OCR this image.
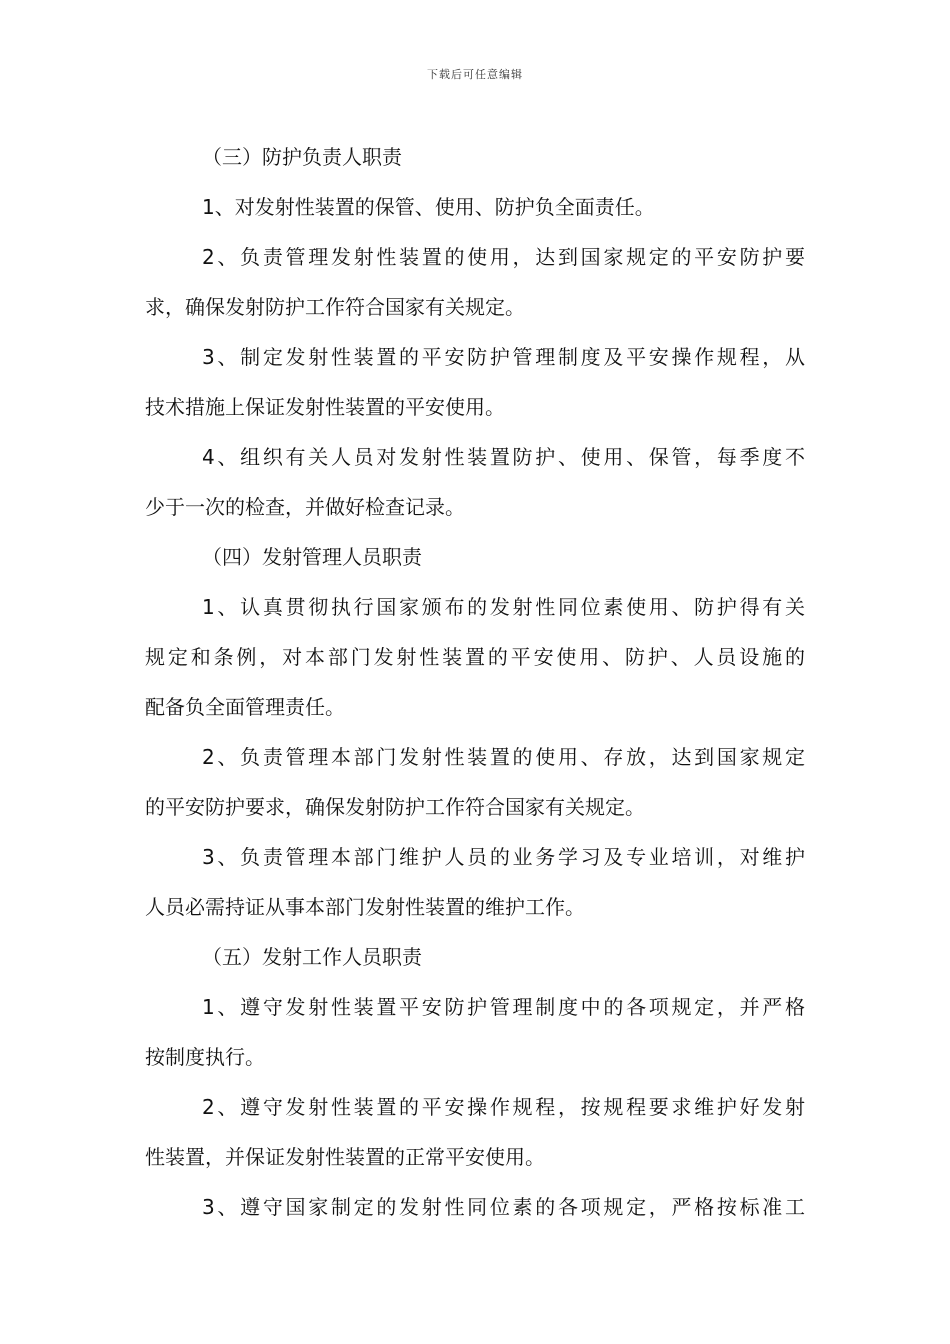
下载后可任意编辑
（三）防护负责人职责
1、对发射性装置的保管、使用、防护负全面责任。
2、负责管理发射性装置的使用，达到国家规定的平安防护要
求，确保发射防护工作符合国家有关规定。
3、制定发射性装置的平安防护管理制度及平安操作规程，从
技术措施上保证发射性装置的平安使用。
4、组织有关人员对发射性装置防护、使用、保管，每季度不
少于一次的检查，并做好检查记录。
（四）发射管理人员职责
1、认真贯彻执行国家颁布的发射性同位素使用、防护得有关
规定和条例，对本部门发射性装置的平安使用、防护、人员设施的
配备负全面管理责任。
2、负责管理本部门发射性装置的使用、存放，达到国家规定
的平安防护要求，确保发射防护工作符合国家有关规定。
3、负责管理本部门维护人员的业务学习及专业培训，对维护
人员必需持证从事本部门发射性装置的维护工作。
（五）发射工作人员职责
1、遵守发射性装置平安防护管理制度中的各项规定，并严格
按制度执行。
2、遵守发射性装置的平安操作规程，按规程要求维护好发射
性装置，并保证发射性装置的正常平安使用。
3、遵守国家制定的发射性同位素的各项规定，严格按标准工
